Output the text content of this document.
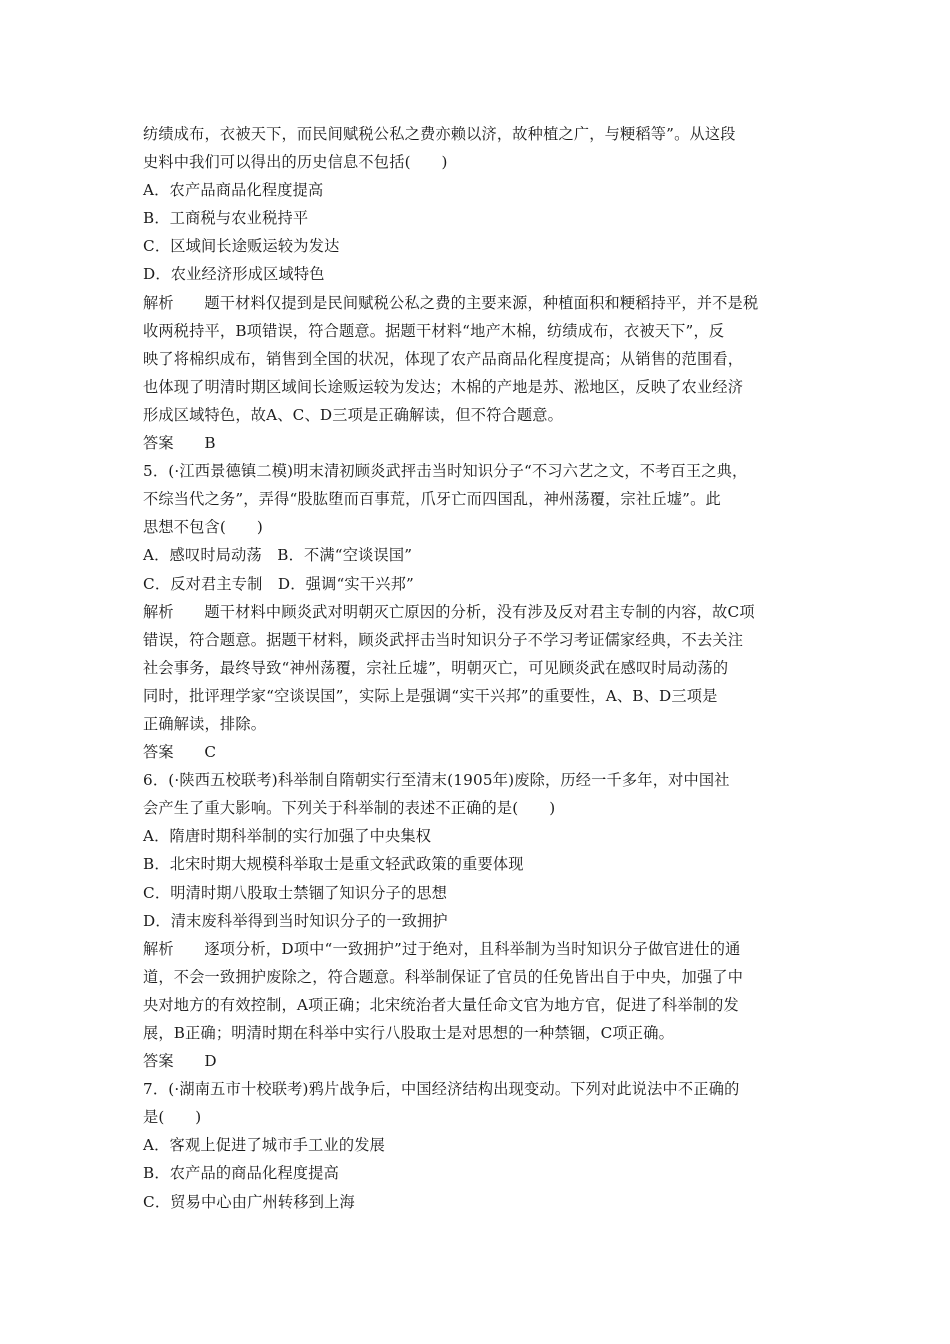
纺绩成布，衣被天下，而民间赋税公私之费亦赖以济，故种植之广，与粳稻等”。从这段
史料中我们可以得出的历史信息不包括(　　)
A．农产品商品化程度提高
B．工商税与农业税持平
C．区域间长途贩运较为发达
D．农业经济形成区域特色
解析　题干材料仅提到是民间赋税公私之费的主要来源，种植面积和粳稻持平，并不是税
收两税持平，B项错误，符合题意。据题干材料“地产木棉，纺绩成布，衣被天下”，反
映了将棉织成布，销售到全国的状况，体现了农产品商品化程度提高；从销售的范围看，
也体现了明清时期区域间长途贩运较为发达；木棉的产地是苏、淞地区，反映了农业经济
形成区域特色，故A、C、D三项是正确解读，但不符合题意。
答案　B
5．(·江西景德镇二模)明末清初顾炎武抨击当时知识分子“不习六艺之文，不考百王之典，
不综当代之务”，弄得“股肱堕而百事荒，爪牙亡而四国乱，神州荡覆，宗社丘墟”。此
思想不包含(　　)
A．感叹时局动荡　B．不满“空谈误国”
C．反对君主专制　D．强调“实干兴邦”
解析　题干材料中顾炎武对明朝灭亡原因的分析，没有涉及反对君主专制的内容，故C项
错误，符合题意。据题干材料，顾炎武抨击当时知识分子不学习考证儒家经典，不去关注
社会事务，最终导致“神州荡覆，宗社丘墟”，明朝灭亡，可见顾炎武在感叹时局动荡的
同时，批评理学家“空谈误国”，实际上是强调“实干兴邦”的重要性，A、B、D三项是
正确解读，排除。
答案　C
6．(·陕西五校联考)科举制自隋朝实行至清末(1905年)废除，历经一千多年，对中国社
会产生了重大影响。下列关于科举制的表述不正确的是(　　)
A．隋唐时期科举制的实行加强了中央集权
B．北宋时期大规模科举取士是重文轻武政策的重要体现
C．明清时期八股取士禁锢了知识分子的思想
D．清末废科举得到当时知识分子的一致拥护
解析　逐项分析，D项中“一致拥护”过于绝对，且科举制为当时知识分子做官进仕的通
道，不会一致拥护废除之，符合题意。科举制保证了官员的任免皆出自于中央，加强了中
央对地方的有效控制，A项正确；北宋统治者大量任命文官为地方官，促进了科举制的发
展，B正确；明清时期在科举中实行八股取士是对思想的一种禁锢，C项正确。
答案　D
7．(·湖南五市十校联考)鸦片战争后，中国经济结构出现变动。下列对此说法中不正确的
是(　　)
A．客观上促进了城市手工业的发展
B．农产品的商品化程度提高
C．贸易中心由广州转移到上海
